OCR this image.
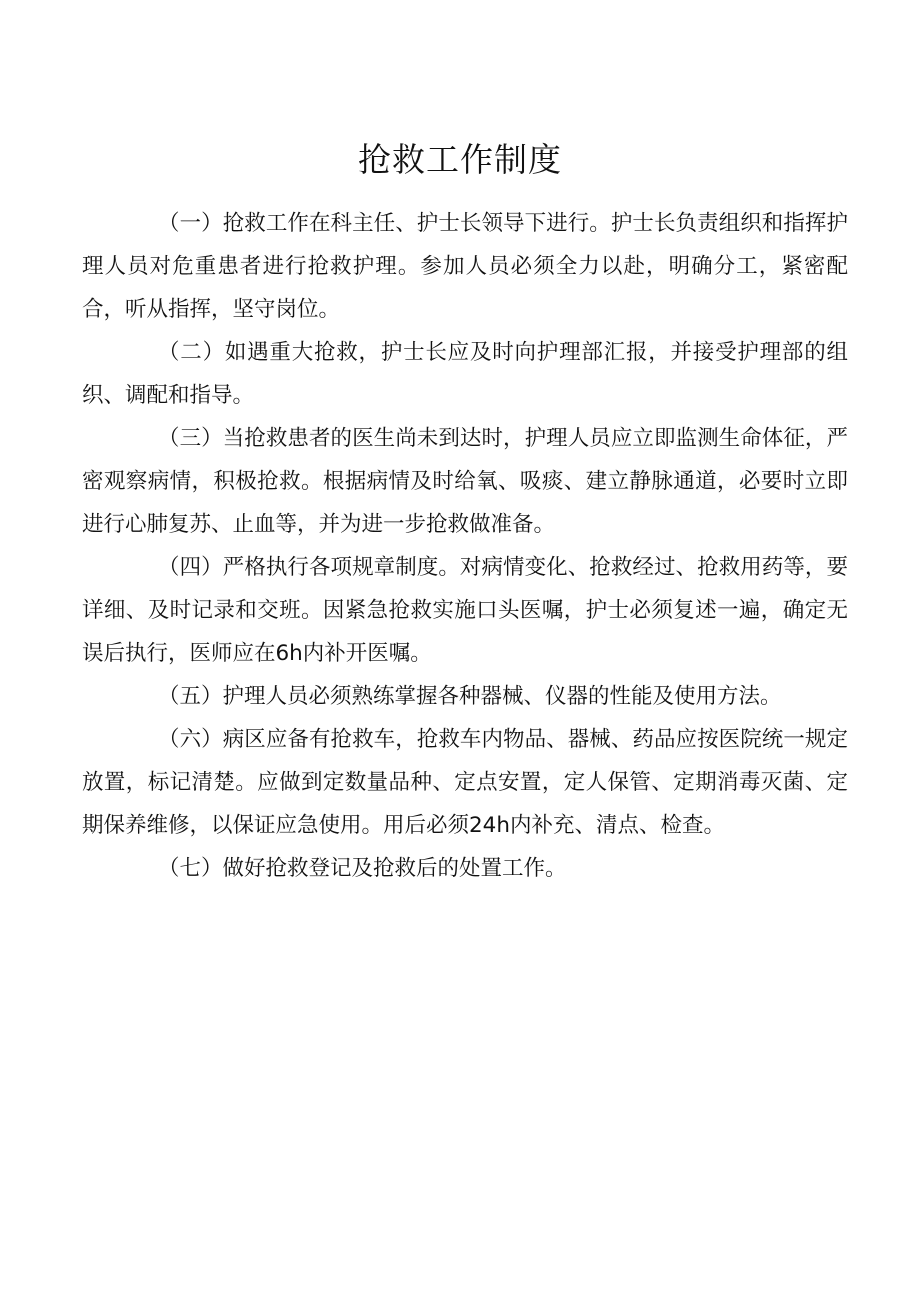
抢救工作制度

（一）抢救工作在科主任、护士长领导下进行。护士长负责组织和指挥护理人员对危重患者进行抢救护理。参加人员必须全力以赴，明确分工，紧密配合，听从指挥，坚守岗位。

（二）如遇重大抢救，护士长应及时向护理部汇报，并接受护理部的组织、调配和指导。

（三）当抢救患者的医生尚未到达时，护理人员应立即监测生命体征，严密观察病情，积极抢救。根据病情及时给氧、吸痰、建立静脉通道，必要时立即进行心肺复苏、止血等，并为进一步抢救做准备。

（四）严格执行各项规章制度。对病情变化、抢救经过、抢救用药等，要详细、及时记录和交班。因紧急抢救实施口头医嘱，护士必须复述一遍，确定无误后执行，医师应在6h内补开医嘱。

（五）护理人员必须熟练掌握各种器械、仪器的性能及使用方法。

（六）病区应备有抢救车，抢救车内物品、器械、药品应按医院统一规定放置，标记清楚。应做到定数量品种、定点安置，定人保管、定期消毒灭菌、定期保养维修，以保证应急使用。用后必须24h内补充、清点、检查。

（七）做好抢救登记及抢救后的处置工作。
